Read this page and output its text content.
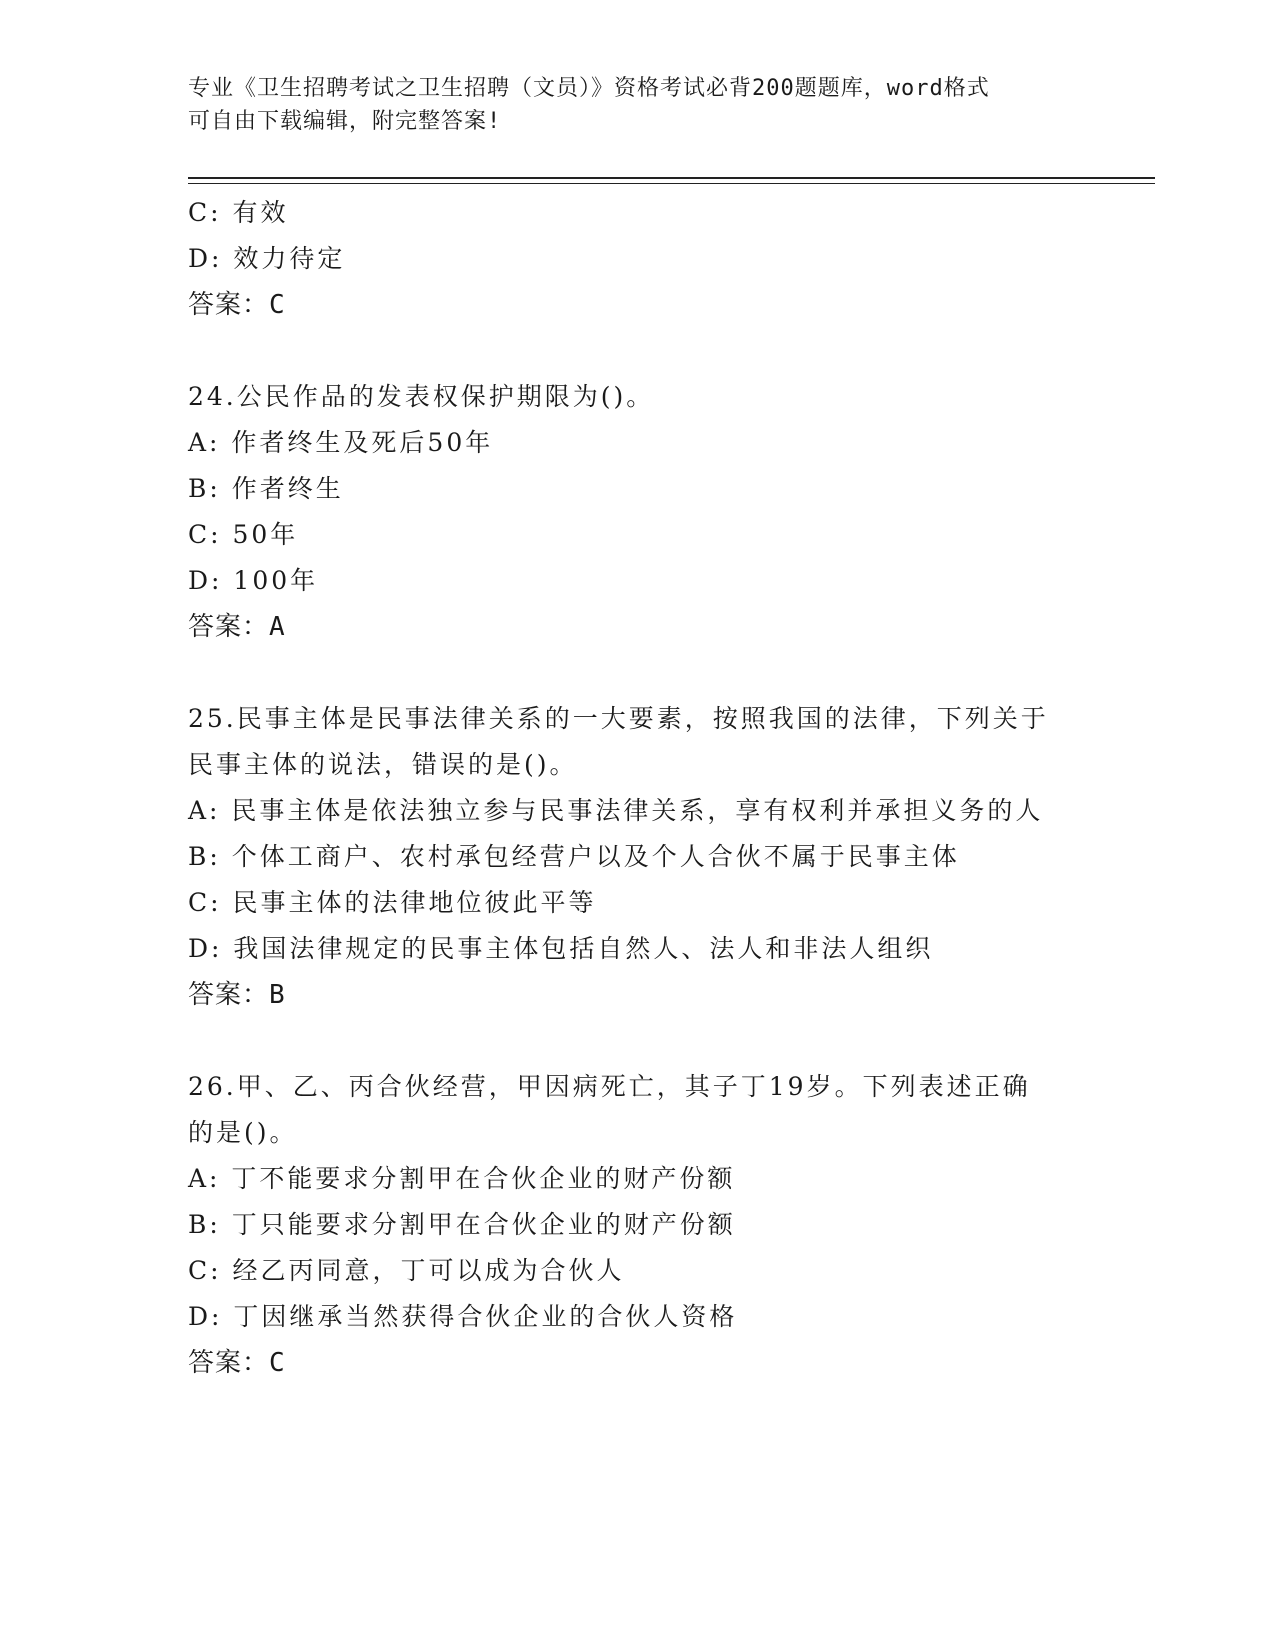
专业《卫生招聘考试之卫生招聘（文员）》资格考试必背200题题库，word格式
可自由下载编辑，附完整答案!
C: 有效
D: 效力待定
答案：C
24.公民作品的发表权保护期限为()。
A: 作者终生及死后50年
B: 作者终生
C: 50年
D: 100年
答案：A
25.民事主体是民事法律关系的一大要素，按照我国的法律，下列关于
民事主体的说法，错误的是()。
A: 民事主体是依法独立参与民事法律关系，享有权利并承担义务的人
B: 个体工商户、农村承包经营户以及个人合伙不属于民事主体
C: 民事主体的法律地位彼此平等
D: 我国法律规定的民事主体包括自然人、法人和非法人组织
答案：B
26.甲、乙、丙合伙经营，甲因病死亡，其子丁19岁。下列表述正确
的是()。
A: 丁不能要求分割甲在合伙企业的财产份额
B: 丁只能要求分割甲在合伙企业的财产份额
C: 经乙丙同意，丁可以成为合伙人
D: 丁因继承当然获得合伙企业的合伙人资格
答案：C
